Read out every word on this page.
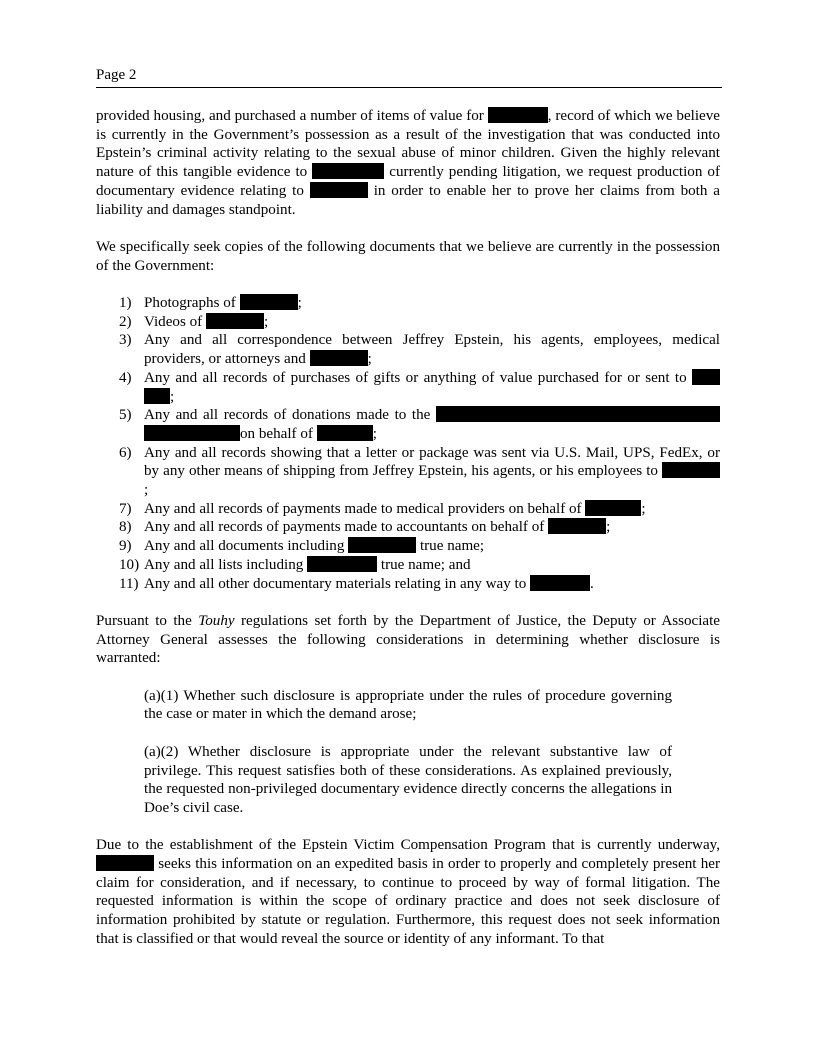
Page 2

provided housing, and purchased a number of items of value for	, record of which we believe is currently in the Government’s possession as a result of the investigation that was conducted into Epstein’s criminal activity relating to the sexual abuse of minor children. Given the highly relevant nature of this tangible evidence to	currently pending litigation, we request production of documentary evidence relating to	in order to enable her to prove her claims from both a liability and damages standpoint.

We specifically seek copies of the following documents that we believe are currently in the possession of the Government:

1) Photographs of	;
2) Videos of	;
3) Any and all correspondence between Jeffrey Epstein, his agents, employees, medical providers, or attorneys and	;
4) Any and all records of purchases of gifts or anything of value purchased for or sent to  ;
5) Any and all records of donations made to the  on behalf of	;
6) Any and all records showing that a letter or package was sent via U.S. Mail, UPS, FedEx, or by any other means of shipping from Jeffrey Epstein, his agents, or his employees to ;
7) Any and all records of payments made to medical providers on behalf of	;
8) Any and all records of payments made to accountants on behalf of	;
9) Any and all documents including	true name;
10) Any and all lists including	true name; and
11) Any and all other documentary materials relating in any way to	.

Pursuant to the Touhy regulations set forth by the Department of Justice, the Deputy or Associate Attorney General assesses the following considerations in determining whether disclosure is warranted:

(a)(1) Whether such disclosure is appropriate under the rules of procedure governing the case or mater in which the demand arose;
(a)(2) Whether disclosure is appropriate under the relevant substantive law of privilege. This request satisfies both of these considerations. As explained previously, the requested non-privileged documentary evidence directly concerns the allegations in Doe’s civil case.

Due to the establishment of the Epstein Victim Compensation Program that is currently underway,  seeks this information on an expedited basis in order to properly and completely present her claim for consideration, and if necessary, to continue to proceed by way of formal litigation. The requested information is within the scope of ordinary practice and does not seek disclosure of information prohibited by statute or regulation. Furthermore, this request does not seek information that is classified or that would reveal the source or identity of any informant. To that
